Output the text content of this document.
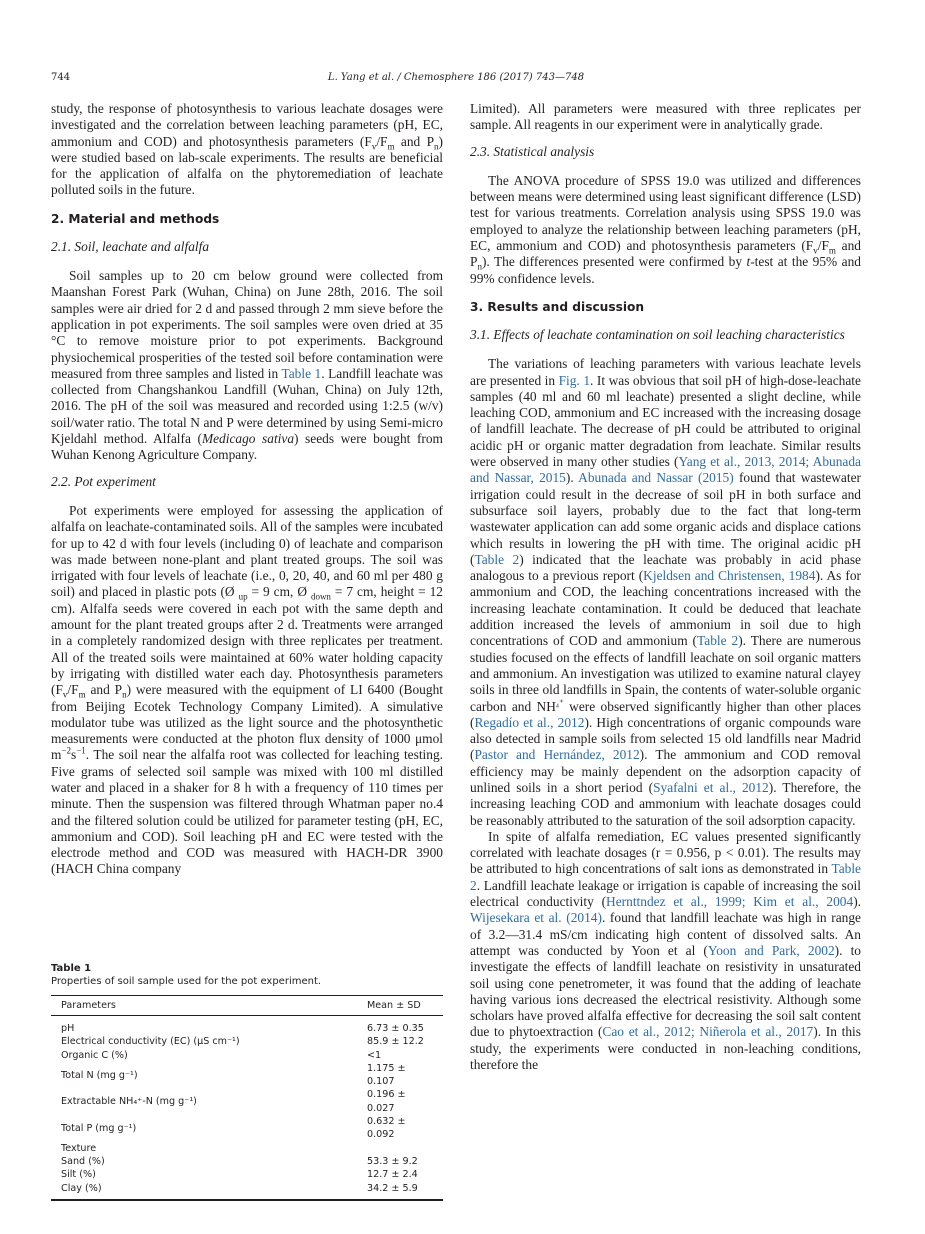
744	L. Yang et al. / Chemosphere 186 (2017) 743—748

study, the response of photosynthesis to various leachate dosages were investigated and the correlation between leaching parameters (pH, EC, ammonium and COD) and photosynthesis parameters ($F_v/F_m$ and $P_n$) were studied based on lab-scale experiments. The results are beneficial for the application of alfalfa on the phytoremediation of leachate polluted soils in the future.

2. Material and methods
2.1. Soil, leachate and alfalfa

Soil samples up to 20 cm below ground were collected from Maanshan Forest Park (Wuhan, China) on June 28th, 2016. The soil samples were air dried for 2 d and passed through 2 mm sieve before the application in pot experiments. The soil samples were oven dried at 35 °C to remove moisture prior to pot experiments. Background physiochemical prosperities of the tested soil before contamination were measured from three samples and listed in Table 1. Landfill leachate was collected from Changshankou Landfill (Wuhan, China) on July 12th, 2016. The pH of the soil was measured and recorded using 1:2.5 (w/v) soil/water ratio. The total N and P were determined by using Semi-micro Kjeldahl method. Alfalfa (Medicago sativa) seeds were bought from Wuhan Kenong Agriculture Company.

2.2. Pot experiment

Pot experiments were employed for assessing the application of alfalfa on leachate-contaminated soils. All of the samples were incubated for up to 42 d with four levels (including 0) of leachate and comparison was made between none-plant and plant treated groups. The soil was irrigated with four levels of leachate (i.e., 0, 20, 40, and 60 ml per 480 g soil) and placed in plastic pots (Ø $_{up}$ = 9 cm, Ø $_{down}$ = 7 cm, height = 12 cm). Alfalfa seeds were covered in each pot with the same depth and amount for the plant treated groups after 2 d. Treatments were arranged in a completely randomized design with three replicates per treatment. All of the treated soils were maintained at 60% water holding capacity by irrigating with distilled water each day. Photosynthesis parameters ($F_v/F_m$ and $P_n$) were measured with the equipment of LI 6400 (Bought from Beijing Ecotek Technology Company Limited). A simulative modulator tube was utilized as the light source and the photosynthetic measurements were conducted at the photon flux density of 1000 μmol $m^{-2}s^{-1}$. The soil near the alfalfa root was collected for leaching testing. Five grams of selected soil sample was mixed with 100 ml distilled water and placed in a shaker for 8 h with a frequency of 110 times per minute. Then the suspension was filtered through Whatman paper no.4 and the filtered solution could be utilized for parameter testing (pH, EC, ammonium and COD). Soil leaching pH and EC were tested with the electrode method and COD was measured with HACH-DR 3900 (HACH China company

Table 1
Properties of soil sample used for the pot experiment.
Parameters	Mean ± SD
pH	6.73 ± 0.35
Electrical conductivity (EC) (μS cm⁻¹)	85.9 ± 12.2
Organic C (%)	<1
Total N (mg g⁻¹)	1.175 ± 0.107
Extractable NH₄⁺-N (mg g⁻¹)	0.196 ± 0.027
Total P (mg g⁻¹)	0.632 ± 0.092
Texture	
Sand (%)	53.3 ± 9.2
Silt (%)	12.7 ± 2.4
Clay (%)	34.2 ± 5.9

Limited). All parameters were measured with three replicates per sample. All reagents in our experiment were in analytically grade.

2.3. Statistical analysis

The ANOVA procedure of SPSS 19.0 was utilized and differences between means were determined using least significant difference (LSD) test for various treatments. Correlation analysis using SPSS 19.0 was employed to analyze the relationship between leaching parameters (pH, EC, ammonium and COD) and photosynthesis parameters ($F_v/F_m$ and $P_n$). The differences presented were confirmed by t-test at the 95% and 99% confidence levels.

3. Results and discussion
3.1. Effects of leachate contamination on soil leaching characteristics

The variations of leaching parameters with various leachate levels are presented in Fig. 1. It was obvious that soil pH of high-dose-leachate samples (40 ml and 60 ml leachate) presented a slight decline, while leaching COD, ammonium and EC increased with the increasing dosage of landfill leachate. The decrease of pH could be attributed to original acidic pH or organic matter degradation from leachate. Similar results were observed in many other studies (Yang et al., 2013, 2014; Abunada and Nassar, 2015). Abunada and Nassar (2015) found that wastewater irrigation could result in the decrease of soil pH in both surface and subsurface soil layers, probably due to the fact that long-term wastewater application can add some organic acids and displace cations which results in lowering the pH with time. The original acidic pH (Table 2) indicated that the leachate was probably in acid phase analogous to a previous report (Kjeldsen and Christensen, 1984). As for ammonium and COD, the leaching concentrations increased with the increasing leachate contamination. It could be deduced that leachate addition increased the levels of ammonium in soil due to high concentrations of COD and ammonium (Table 2). There are numerous studies focused on the effects of landfill leachate on soil organic matters and ammonium. An investigation was utilized to examine natural clayey soils in three old landfills in Spain, the contents of water-soluble organic carbon and $NH^{_4^+}$ were observed significantly higher than other places (Regadío et al., 2012). High concentrations of organic compounds ware also detected in sample soils from selected 15 old landfills near Madrid (Pastor and Hernández, 2012). The ammonium and COD removal efficiency may be mainly dependent on the adsorption capacity of unlined soils in a short period (Syafalni et al., 2012). Therefore, the increasing leaching COD and ammonium with leachate dosages could be reasonably attributed to the saturation of the soil adsorption capacity.

In spite of alfalfa remediation, EC values presented significantly correlated with leachate dosages (r = 0.956, p < 0.01). The results may be attributed to high concentrations of salt ions as demonstrated in Table 2. Landfill leachate leakage or irrigation is capable of increasing the soil electrical conductivity (Hernttndez et al., 1999; Kim et al., 2004). Wijesekara et al. (2014). found that landfill leachate was high in range of 3.2—31.4 mS/cm indicating high content of dissolved salts. An attempt was conducted by Yoon et al (Yoon and Park, 2002). to investigate the effects of landfill leachate on resistivity in unsaturated soil using cone penetrometer, it was found that the adding of leachate having various ions decreased the electrical resistivity. Although some scholars have proved alfalfa effective for decreasing the soil salt content due to phytoextraction (Cao et al., 2012; Niñerola et al., 2017). In this study, the experiments were conducted in non-leaching conditions, therefore the
